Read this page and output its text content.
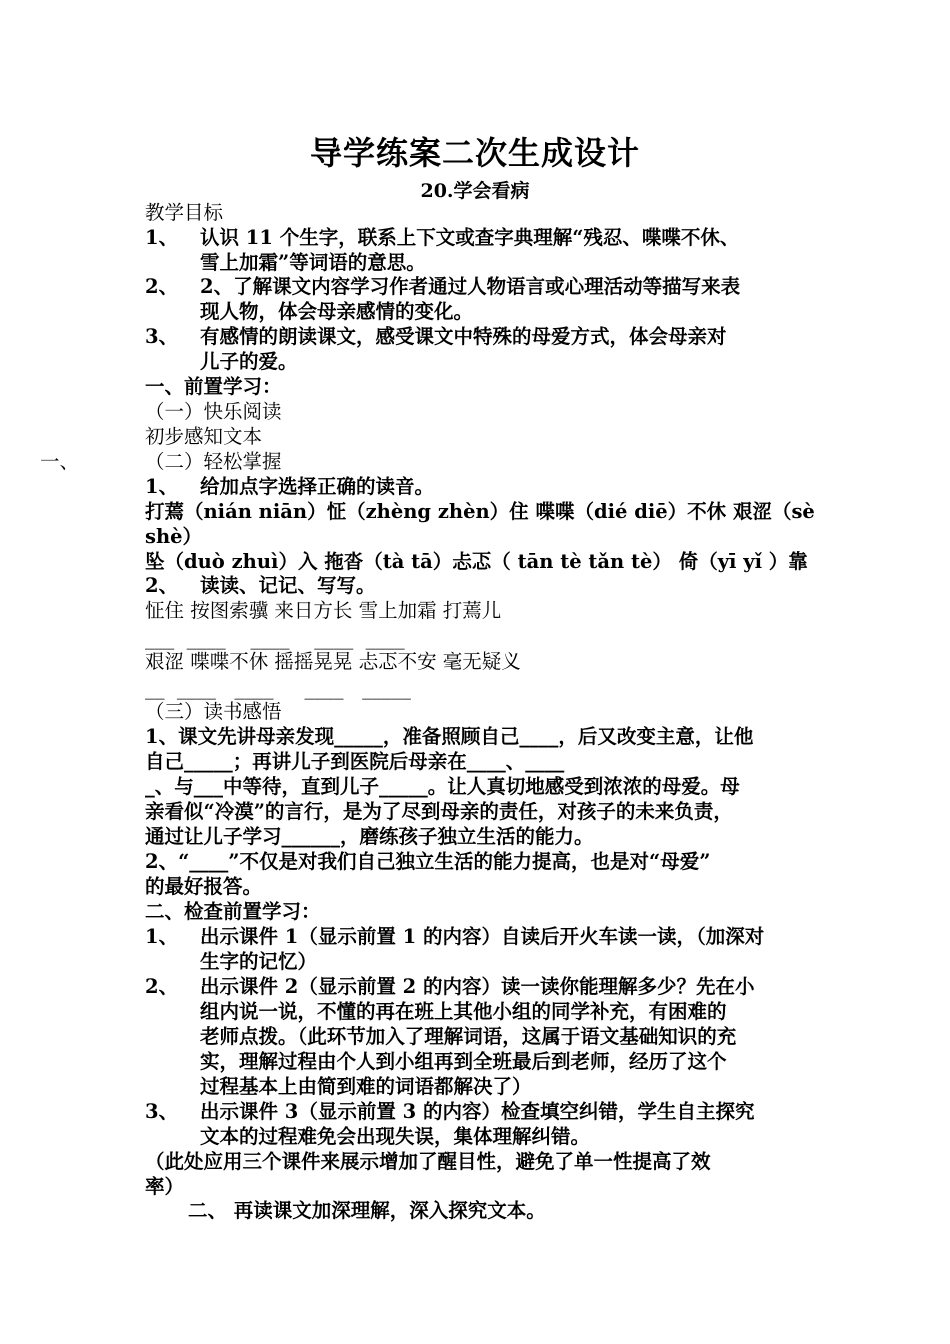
导学练案二次生成设计
20.学会看病
教学目标
1、 认识 11 个生字，联系上下文或查字典理解“残忍、喋喋不休、
雪上加霜”等词语的意思。
2、 2、了解课文内容学习作者通过人物语言或心理活动等描写来表
现人物，体会母亲感情的变化。
3、 有感情的朗读课文，感受课文中特殊的母爱方式，体会母亲对
儿子的爱。
一、前置学习：
（一）快乐阅读
初步感知文本
一、	（二）轻松掌握
1、 给加点字选择正确的读音。
打蔫（nián niān）怔（zhèng zhèn）住 喋喋（dié diē）不休 艰涩（sè
shè）
坠（duò zhuì）入 拖沓（tà tā）忐忑（ tān tè tǎn tè） 倚（yī yǐ ）靠
2、 读读、记记、写写。
怔住 按图索骥 来日方长 雪上加霜 打蔫儿
___  ____    ____    ____  ____
艰涩 喋喋不休 摇摇晃晃 忐忑不安 毫无疑义
__  ____   ____     ____   _____
（三）读书感悟
1、课文先讲母亲发现_____，准备照顾自己____，后又改变主意，让他
自己_____；再讲儿子到医院后母亲在____、____
_、与___中等待，直到儿子_____。让人真切地感受到浓浓的母爱。母
亲看似“冷漠”的言行，是为了尽到母亲的责任，对孩子的未来负责，
通过让儿子学习______，磨练孩子独立生活的能力。
2、“____”不仅是对我们自己独立生活的能力提高，也是对“母爱”
的最好报答。
二、检查前置学习：
1、 出示课件 1（显示前置 1 的内容）自读后开火车读一读，（加深对
生字的记忆）
2、 出示课件 2（显示前置 2 的内容）读一读你能理解多少？先在小
组内说一说，不懂的再在班上其他小组的同学补充，有困难的
老师点拨。（此环节加入了理解词语，这属于语文基础知识的充
实，理解过程由个人到小组再到全班最后到老师，经历了这个
过程基本上由简到难的词语都解决了）
3、 出示课件 3（显示前置 3 的内容）检查填空纠错，学生自主探究
文本的过程难免会出现失误，集体理解纠错。
（此处应用三个课件来展示增加了醒目性，避免了单一性提高了效
率）
二、 再读课文加深理解，深入探究文本。
